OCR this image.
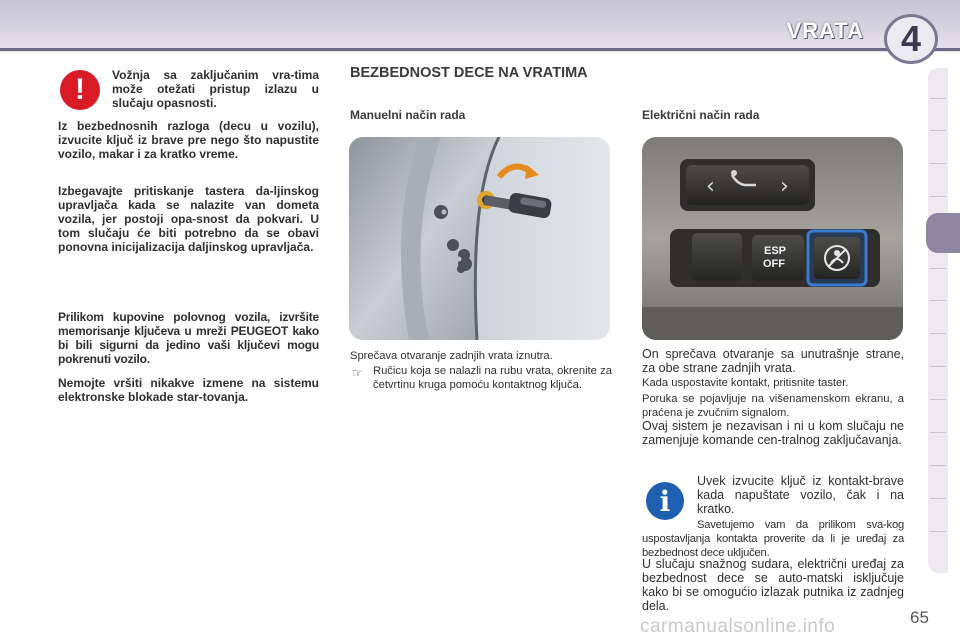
VRATA	4
!	Vožnja sa zaključanim vra-tima može otežati pristup izlazu u slučaju opasnosti.

Iz bezbednosnih razloga (decu u vozilu), izvucite ključ iz brave pre nego što napustite vozilo, makar i za kratko vreme.

Izbegavajte pritiskanje tastera da-ljinskog upravljača kada se nalazite van dometa vozila, jer postoji opa-snost da pokvari. U tom slučaju će biti potrebno da se obavi ponovna inicijalizacija daljinskog upravljača.

Prilikom kupovine polovnog vozila, izvršite memorisanje ključeva u mreži PEUGEOT kako bi bili sigurni da jedino vaši ključevi mogu pokrenuti vozilo.

Nemojte vršiti nikakve izmene na sistemu elektronske blokade star-tovanja.

BEZBEDNOST DECE NA VRATIMA
Manuelni način rada	Električni način rada
‹	›
ESP
OFF

Sprečava otvaranje zadnjih vrata iznutra.

☞ Ručicu koja se nalazli na rubu vrata, okrenite za četvrtinu kruga pomoću kontaktnog ključa.

On sprečava otvaranje sa unutrašnje strane, za obe strane zadnjih vrata.

Kada uspostavite kontakt, pritisnite taster.

Poruka se pojavljuje na višenamenskom ekranu, a praćena je zvučnim signalom.

Ovaj sistem je nezavisan i ni u kom slučaju ne zamenjuje komande cen-tralnog zaključavanja.

i

Uvek izvucite ključ iz kontakt-brave kada napuštate vozilo, čak i na kratko.

Savetujemo vam da prilikom sva-kog uspostavljanja kontakta proverite da li je uređaj za bezbednost dece uključen.

U slučaju snažnog sudara, električni uređaj za bezbednost dece se auto-matski isključuje kako bi se omogućio izlazak putnika iz zadnjeg dela.

carmanualsonline.info	65
